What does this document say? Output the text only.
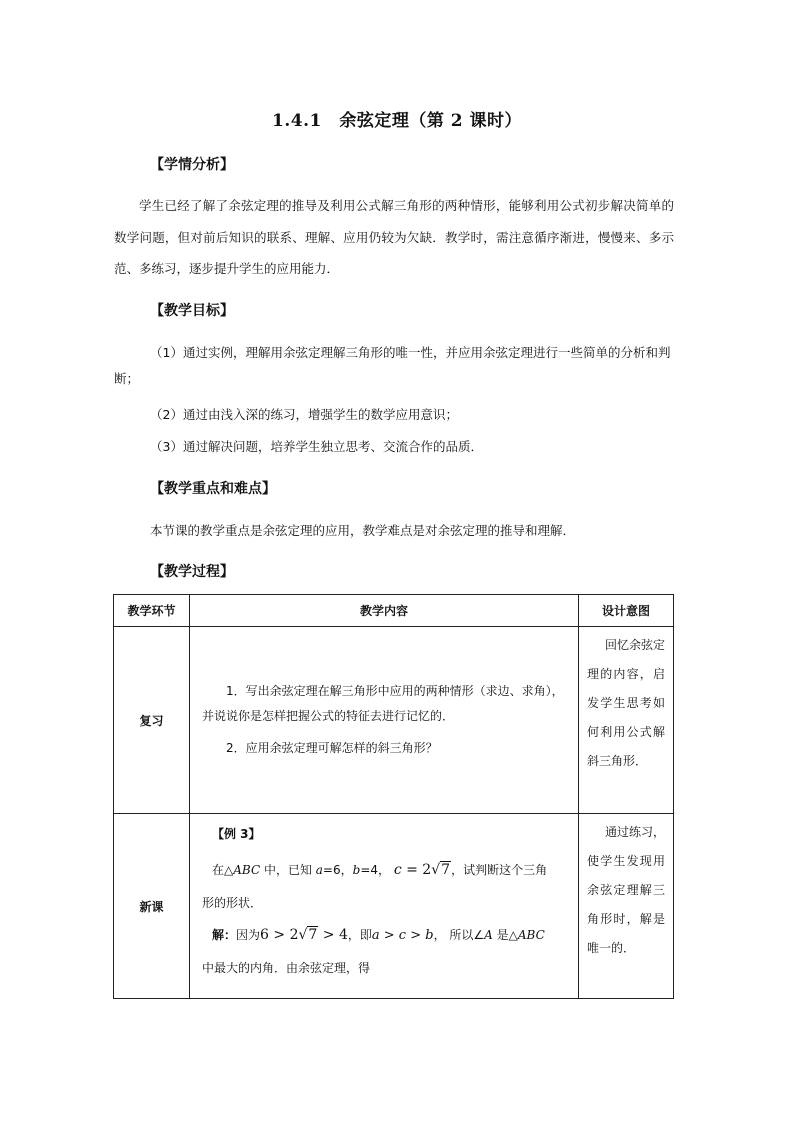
1.4.1　余弦定理（第 2 课时）
【学情分析】
学生已经了解了余弦定理的推导及利用公式解三角形的两种情形，能够利用公式初步解决简单的数学问题，但对前后知识的联系、理解、应用仍较为欠缺．教学时，需注意循序渐进，慢慢来、多示范、多练习，逐步提升学生的应用能力．
【教学目标】
（1）通过实例，理解用余弦定理解三角形的唯一性，并应用余弦定理进行一些简单的分析和判断；
（2）通过由浅入深的练习，增强学生的数学应用意识；
（3）通过解决问题，培养学生独立思考、交流合作的品质．
【教学重点和难点】
本节课的教学重点是余弦定理的应用，教学难点是对余弦定理的推导和理解．
【教学过程】
教学环节	教学内容	设计意图
复习	1．写出余弦定理在解三角形中应用的两种情形（求边、求角），并说说你是怎样把握公式的特征去进行记忆的．

2．应用余弦定理可解怎样的斜三角形？	回忆余弦定理的内容，启发学生思考如何利用公式解斜三角形．

新课	【例 3】

在△ABC 中，已知 a=6，b=4， c = 2√7，试判断这个三角

形的形状．

解：因为6 > 2√7 > 4，即a > c > b， 所以∠A 是△ABC

中最大的内角．由余弦定理，得	通过练习，使学生发现用余弦定理解三角形时，解是唯一的．
